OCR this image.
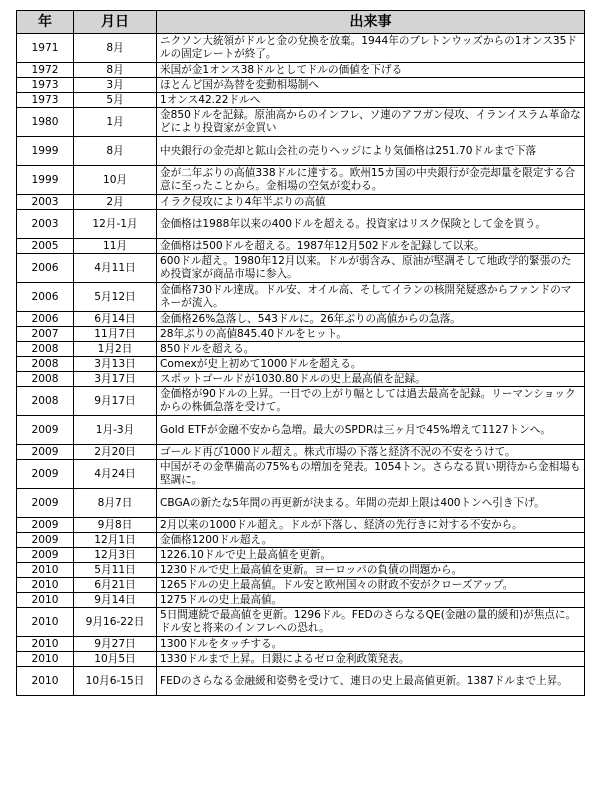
年	月日	出来事
1971	8月	ニクソン大統領がドルと金の兌換を放棄。1944年のブレトンウッズからの1オンス35ドルの固定レートが終了。
1972	8月	米国が金1オンス38ドルとしてドルの価値を下げる
1973	3月	ほとんど国が為替を変動相場制へ
1973	5月	1オンス42.22ドルへ
1980	1月	金850ドルを記録。原油高からのインフレ、ソ連のアフガン侵攻、イランイスラム革命などにより投資家が金買い
1999	8月	中央銀行の金売却と鉱山会社の売りヘッジにより気価格は251.70ドルまで下落
1999	10月	金が二年ぶりの高値338ドルに達する。欧州15カ国の中央銀行が金売却量を限定する合意に至ったことから。金相場の空気が変わる。
2003	2月	イラク侵攻により4年半ぶりの高値
2003	12月-1月	金価格は1988年以来の400ドルを超える。投資家はリスク保険として金を買う。
2005	11月	金価格は500ドルを超える。1987年12月502ドルを記録して以来。
2006	4月11日	600ドル超え。1980年12月以来。ドルが弱含み、原油が堅調そして地政学的緊張のため投資家が商品市場に参入。
2006	5月12日	金価格730ドル達成。ドル安、オイル高、そしてイランの核開発疑惑からファンドのマネーが流入。
2006	6月14日	金価格26%急落し、543ドルに。26年ぶりの高値からの急落。
2007	11月7日	28年ぶりの高値845.40ドルをヒット。
2008	1月2日	850ドルを超える。
2008	3月13日	Comexが史上初めて1000ドルを超える。
2008	3月17日	スポットゴールドが1030.80ドルの史上最高値を記録。
2008	9月17日	金価格が90ドルの上昇。一日での上がり幅としては過去最高を記録。リーマンショックからの株価急落を受けて。
2009	1月-3月	Gold ETFが金融不安から急増。最大のSPDRは三ヶ月で45%増えて1127トンへ。
2009	2月20日	ゴールド再び1000ドル超え。株式市場の下落と経済不況の不安をうけて。
2009	4月24日	中国がその金準備高の75%もの増加を発表。1054トン。さらなる買い期待から金相場も堅調に。
2009	8月7日	CBGAの新たな5年間の再更新が決まる。年間の売却上限は400トンへ引き下げ。
2009	9月8日	2月以来の1000ドル超え。ドルが下落し、経済の先行きに対する不安から。
2009	12月1日	金価格1200ドル超え。
2009	12月3日	1226.10ドルで史上最高値を更新。
2010	5月11日	1230ドルで史上最高値を更新。ヨーロッパの負債の問題から。
2010	6月21日	1265ドルの史上最高値。ドル安と欧州国々の財政不安がクローズアップ。
2010	9月14日	1275ドルの史上最高値。
2010	9月16-22日	5日間連続で最高値を更新。1296ドル。FEDのさらなるQE(金融の量的緩和)が焦点に。ドル安と将来のインフレへの恐れ。
2010	9月27日	1300ドルをタッチする。
2010	10月5日	1330ドルまで上昇。日銀によるゼロ金利政策発表。
2010	10月6-15日	FEDのさらなる金融緩和姿勢を受けて、連日の史上最高値更新。1387ドルまで上昇。
